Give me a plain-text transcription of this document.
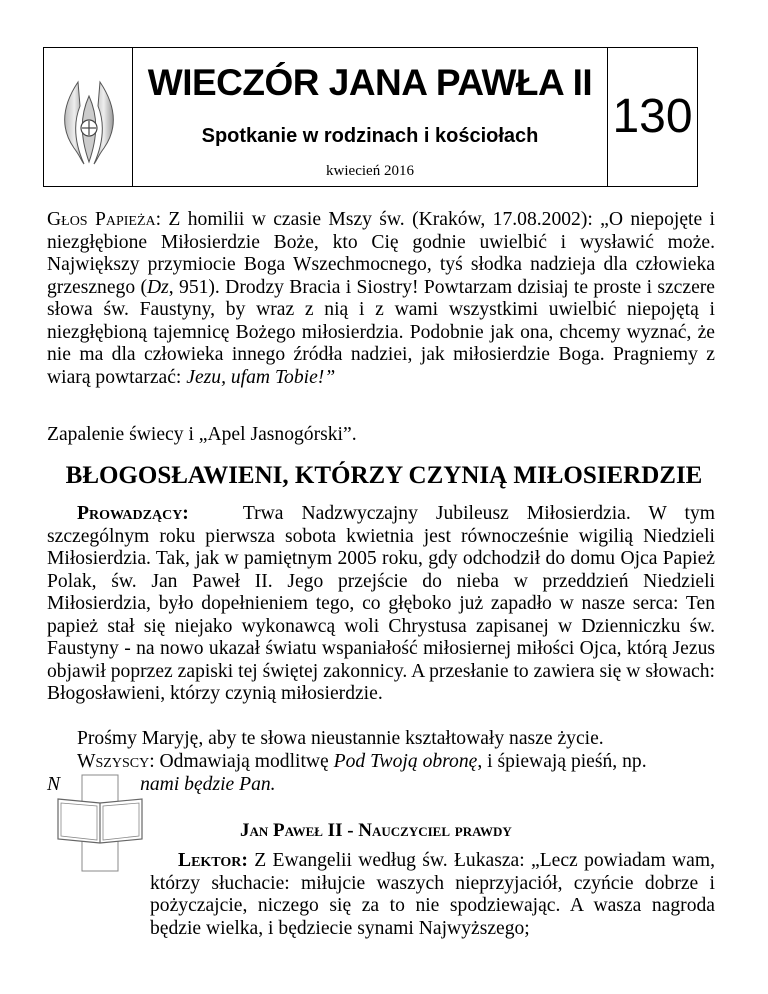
WIECZÓR JANA PAWŁA II
Spotkanie w rodzinach i kościołach
kwiecień 2016
130

Głos Papieża: Z homilii w czasie Mszy św. (Kraków, 17.08.2002): „O niepojęte i niezgłębione Miłosierdzie Boże, kto Cię godnie uwielbić i wysławić może. Największy przymiocie Boga Wszechmocnego, tyś słodka nadzieja dla człowieka grzesznego (Dz, 951). Drodzy Bracia i Siostry! Powtarzam dzisiaj te proste i szczere słowa św. Faustyny, by wraz z nią i z wami wszystkimi uwielbić niepojętą i niezgłębioną tajemnicę Bożego miłosierdzia. Podobnie jak ona, chcemy wyznać, że nie ma dla człowieka innego źródła nadziei, jak miłosierdzie Boga. Pragniemy z wiarą powtarzać: Jezu, ufam Tobie!”

Zapalenie świecy i „Apel Jasnogórski”.

BŁOGOSŁAWIENI, KTÓRZY CZYNIĄ MIŁOSIERDZIE

Prowadzący:	Trwa Nadzwyczajny Jubileusz Miłosierdzia. W tym szczególnym roku pierwsza sobota kwietnia jest równocześnie wigilią Niedzieli Miłosierdzia. Tak, jak w pamiętnym 2005 roku, gdy odchodził do domu Ojca Papież Polak, św. Jan Paweł II. Jego przejście do nieba w przeddzień Niedzieli Miłosierdzia, było dopełnieniem tego, co głęboko już zapadło w nasze serca: Ten papież stał się niejako wykonawcą woli Chrystusa zapisanej w Dzienniczku św. Faustyny - na nowo ukazał światu wspaniałość miłosiernej miłości Ojca, którą Jezus objawił poprzez zapiski tej świętej zakonnicy. A przesłanie to zawiera się w słowach: Błogosławieni, którzy czynią miłosierdzie.

Prośmy Maryję, aby te słowa nieustannie kształtowały nasze życie.

Wszyscy: Odmawiają modlitwę Pod Twoją obronę, i śpiewają pieśń, np.
N	nami będzie Pan.

Jan Paweł II - Nauczyciel prawdy

Lektor: Z Ewangelii według św. Łukasza: „Lecz powiadam wam, którzy słuchacie: miłujcie waszych nieprzyjaciół, czyńcie dobrze i pożyczajcie, niczego się za to nie spodziewając. A wasza nagroda będzie wielka, i będziecie synami Najwyższego;
